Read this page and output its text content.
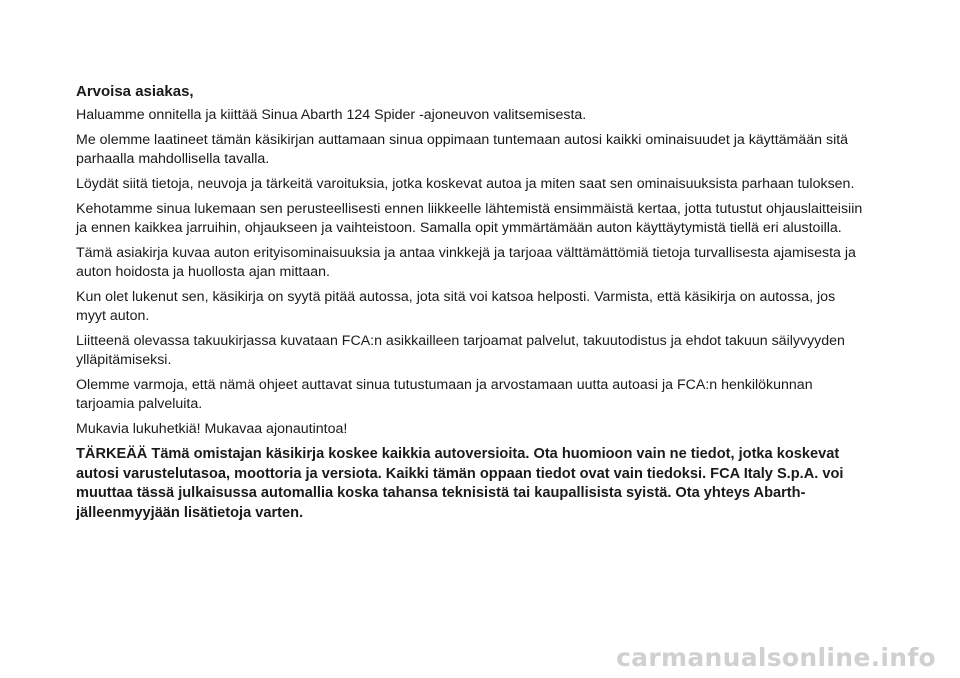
Arvoisa asiakas,

Haluamme onnitella ja kiittää Sinua Abarth 124 Spider -ajoneuvon valitsemisesta.

Me olemme laatineet tämän käsikirjan auttamaan sinua oppimaan tuntemaan autosi kaikki ominaisuudet ja käyttämään sitä parhaalla mahdollisella tavalla.

Löydät siitä tietoja, neuvoja ja tärkeitä varoituksia, jotka koskevat autoa ja miten saat sen ominaisuuksista parhaan tuloksen.

Kehotamme sinua lukemaan sen perusteellisesti ennen liikkeelle lähtemistä ensimmäistä kertaa, jotta tutustut ohjauslaitteisiin ja ennen kaikkea jarruihin, ohjaukseen ja vaihteistoon. Samalla opit ymmärtämään auton käyttäytymistä tiellä eri alustoilla.

Tämä asiakirja kuvaa auton erityisominaisuuksia ja antaa vinkkejä ja tarjoaa välttämättömiä tietoja turvallisesta ajamisesta ja auton hoidosta ja huollosta ajan mittaan.

Kun olet lukenut sen, käsikirja on syytä pitää autossa, jota sitä voi katsoa helposti. Varmista, että käsikirja on autossa, jos myyt auton.

Liitteenä olevassa takuukirjassa kuvataan FCA:n asikkailleen tarjoamat palvelut, takuutodistus ja ehdot takuun säilyvyyden ylläpitämiseksi.

Olemme varmoja, että nämä ohjeet auttavat sinua tutustumaan ja arvostamaan uutta autoasi ja FCA:n henkilökunnan tarjoamia palveluita.

Mukavia lukuhetkiä! Mukavaa ajonautintoa!

TÄRKEÄÄ Tämä omistajan käsikirja koskee kaikkia autoversioita. Ota huomioon vain ne tiedot, jotka koskevat autosi varustelutasoa, moottoria ja versiota. Kaikki tämän oppaan tiedot ovat vain tiedoksi. FCA Italy S.p.A. voi muuttaa tässä julkaisussa automallia koska tahansa teknisistä tai kaupallisista syistä. Ota yhteys Abarth-jälleenmyyjään lisätietoja varten.

carmanualsonline.info
